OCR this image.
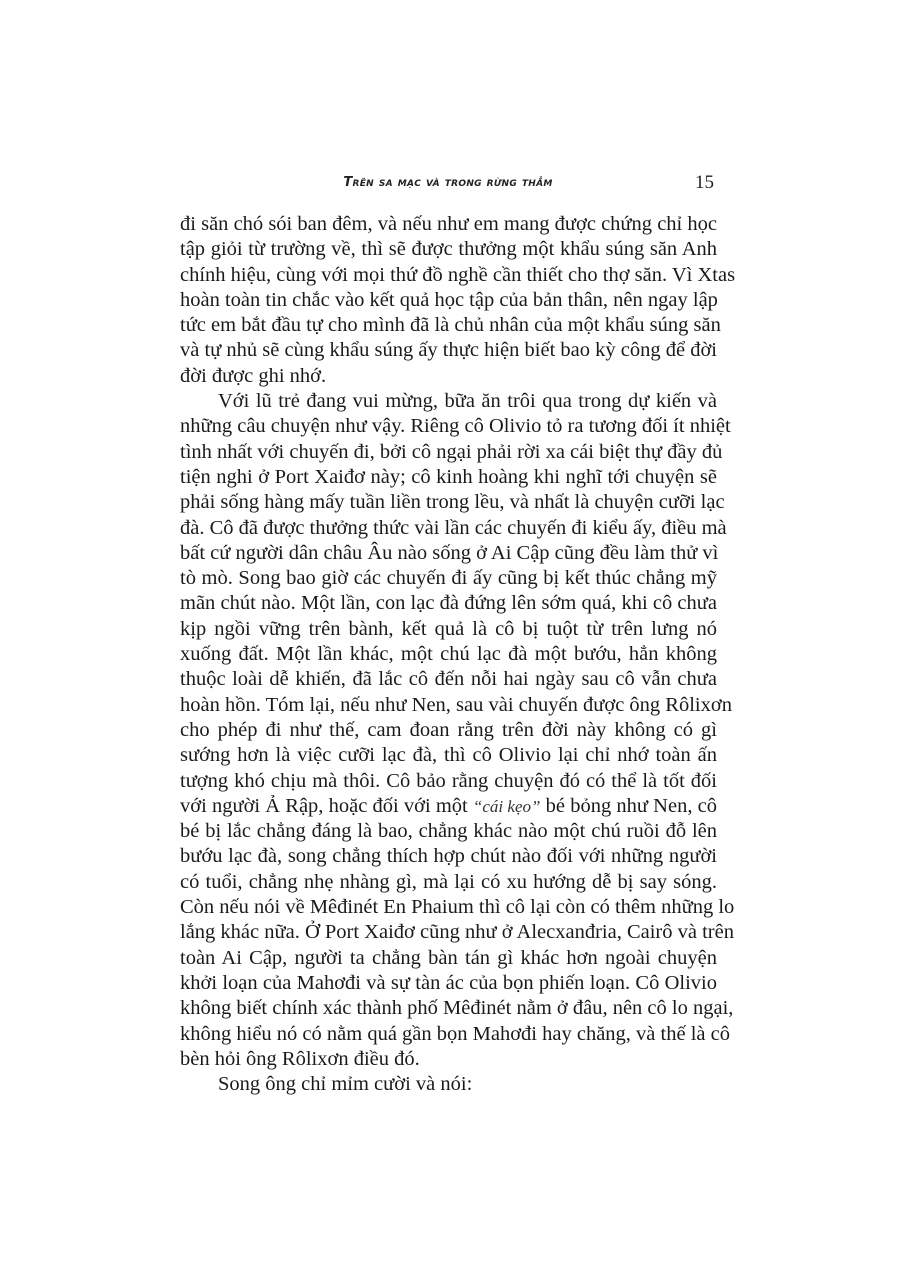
Trên sa mạc và trong rừng thẳm	15
đi săn chó sói ban đêm, và nếu như em mang được chứng chỉ học
tập giỏi từ trường về, thì sẽ được thưởng một khẩu súng săn Anh
chính hiệu, cùng với mọi thứ đồ nghề cần thiết cho thợ săn. Vì Xtas
hoàn toàn tin chắc vào kết quả học tập của bản thân, nên ngay lập
tức em bắt đầu tự cho mình đã là chủ nhân của một khẩu súng săn
và tự nhủ sẽ cùng khẩu súng ấy thực hiện biết bao kỳ công để đời
đời được ghi nhớ.
Với lũ trẻ đang vui mừng, bữa ăn trôi qua trong dự kiến và
những câu chuyện như vậy. Riêng cô Olivio tỏ ra tương đối ít nhiệt
tình nhất với chuyến đi, bởi cô ngại phải rời xa cái biệt thự đầy đủ
tiện nghi ở Port Xaiđơ này; cô kinh hoàng khi nghĩ tới chuyện sẽ
phải sống hàng mấy tuần liền trong lều, và nhất là chuyện cưỡi lạc
đà. Cô đã được thưởng thức vài lần các chuyến đi kiểu ấy, điều mà
bất cứ người dân châu Âu nào sống ở Ai Cập cũng đều làm thử vì
tò mò. Song bao giờ các chuyến đi ấy cũng bị kết thúc chẳng mỹ
mãn chút nào. Một lần, con lạc đà đứng lên sớm quá, khi cô chưa
kịp ngồi vững trên bành, kết quả là cô bị tuột từ trên lưng nó
xuống đất. Một lần khác, một chú lạc đà một bướu, hẳn không
thuộc loài dễ khiến, đã lắc cô đến nỗi hai ngày sau cô vẫn chưa
hoàn hồn. Tóm lại, nếu như Nen, sau vài chuyến được ông Rôlixơn
cho phép đi như thế, cam đoan rằng trên đời này không có gì
sướng hơn là việc cưỡi lạc đà, thì cô Olivio lại chỉ nhớ toàn ấn
tượng khó chịu mà thôi. Cô bảo rằng chuyện đó có thể là tốt đối
với người Ả Rập, hoặc đối với một “cái kẹo” bé bỏng như Nen, cô
bé bị lắc chẳng đáng là bao, chẳng khác nào một chú ruồi đỗ lên
bướu lạc đà, song chẳng thích hợp chút nào đối với những người
có tuổi, chẳng nhẹ nhàng gì, mà lại có xu hướng dễ bị say sóng.
Còn nếu nói về Mêđinét En Phaium thì cô lại còn có thêm những lo
lắng khác nữa. Ở Port Xaiđơ cũng như ở Alecxanđria, Cairô và trên
toàn Ai Cập, người ta chẳng bàn tán gì khác hơn ngoài chuyện
khởi loạn của Mahơđi và sự tàn ác của bọn phiến loạn. Cô Olivio
không biết chính xác thành phố Mêđinét nằm ở đâu, nên cô lo ngại,
không hiểu nó có nằm quá gần bọn Mahơđi hay chăng, và thế là cô
bèn hỏi ông Rôlixơn điều đó.
Song ông chỉ mỉm cười và nói:
